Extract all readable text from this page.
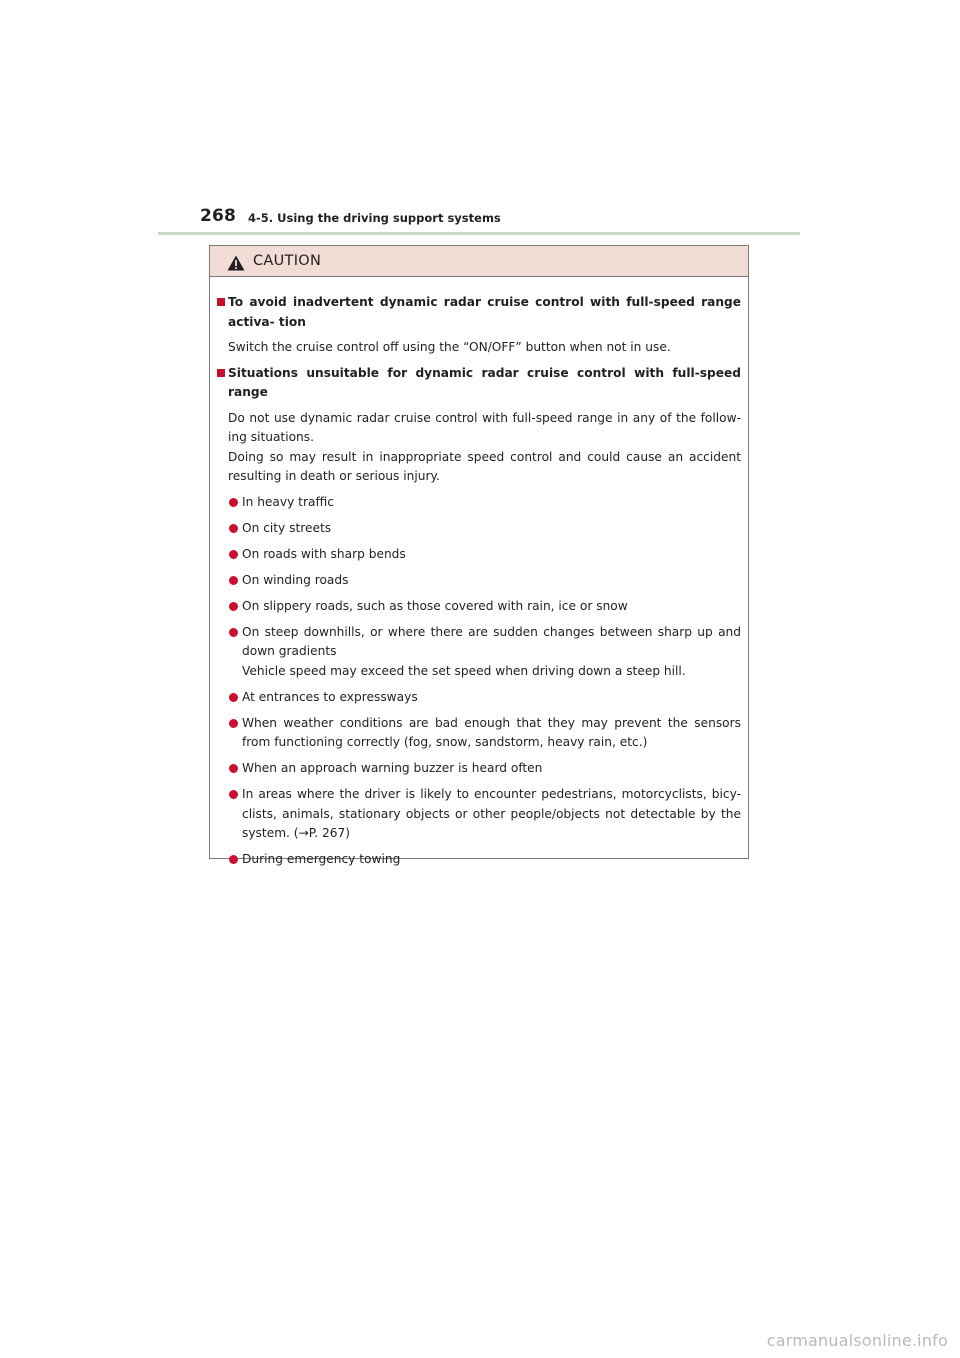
268 4-5. Using the driving support systems
CAUTION
To avoid inadvertent dynamic radar cruise control with full-speed range activa- tion
Switch the cruise control off using the “ON/OFF” button when not in use.
Situations unsuitable for dynamic radar cruise control with full-speed range
Do not use dynamic radar cruise control with full-speed range in any of the follow- ing situations.
Doing so may result in inappropriate speed control and could cause an accident resulting in death or serious injury.
In heavy traffic
On city streets
On roads with sharp bends
On winding roads
On slippery roads, such as those covered with rain, ice or snow
On steep downhills, or where there are sudden changes between sharp up and down gradients
Vehicle speed may exceed the set speed when driving down a steep hill.
At entrances to expressways
When weather conditions are bad enough that they may prevent the sensors from functioning correctly (fog, snow, sandstorm, heavy rain, etc.)
When an approach warning buzzer is heard often
In areas where the driver is likely to encounter pedestrians, motorcyclists, bicy- clists, animals, stationary objects or other people/objects not detectable by the system. (→P. 267)
During emergency towing
carmanualsonline.info
